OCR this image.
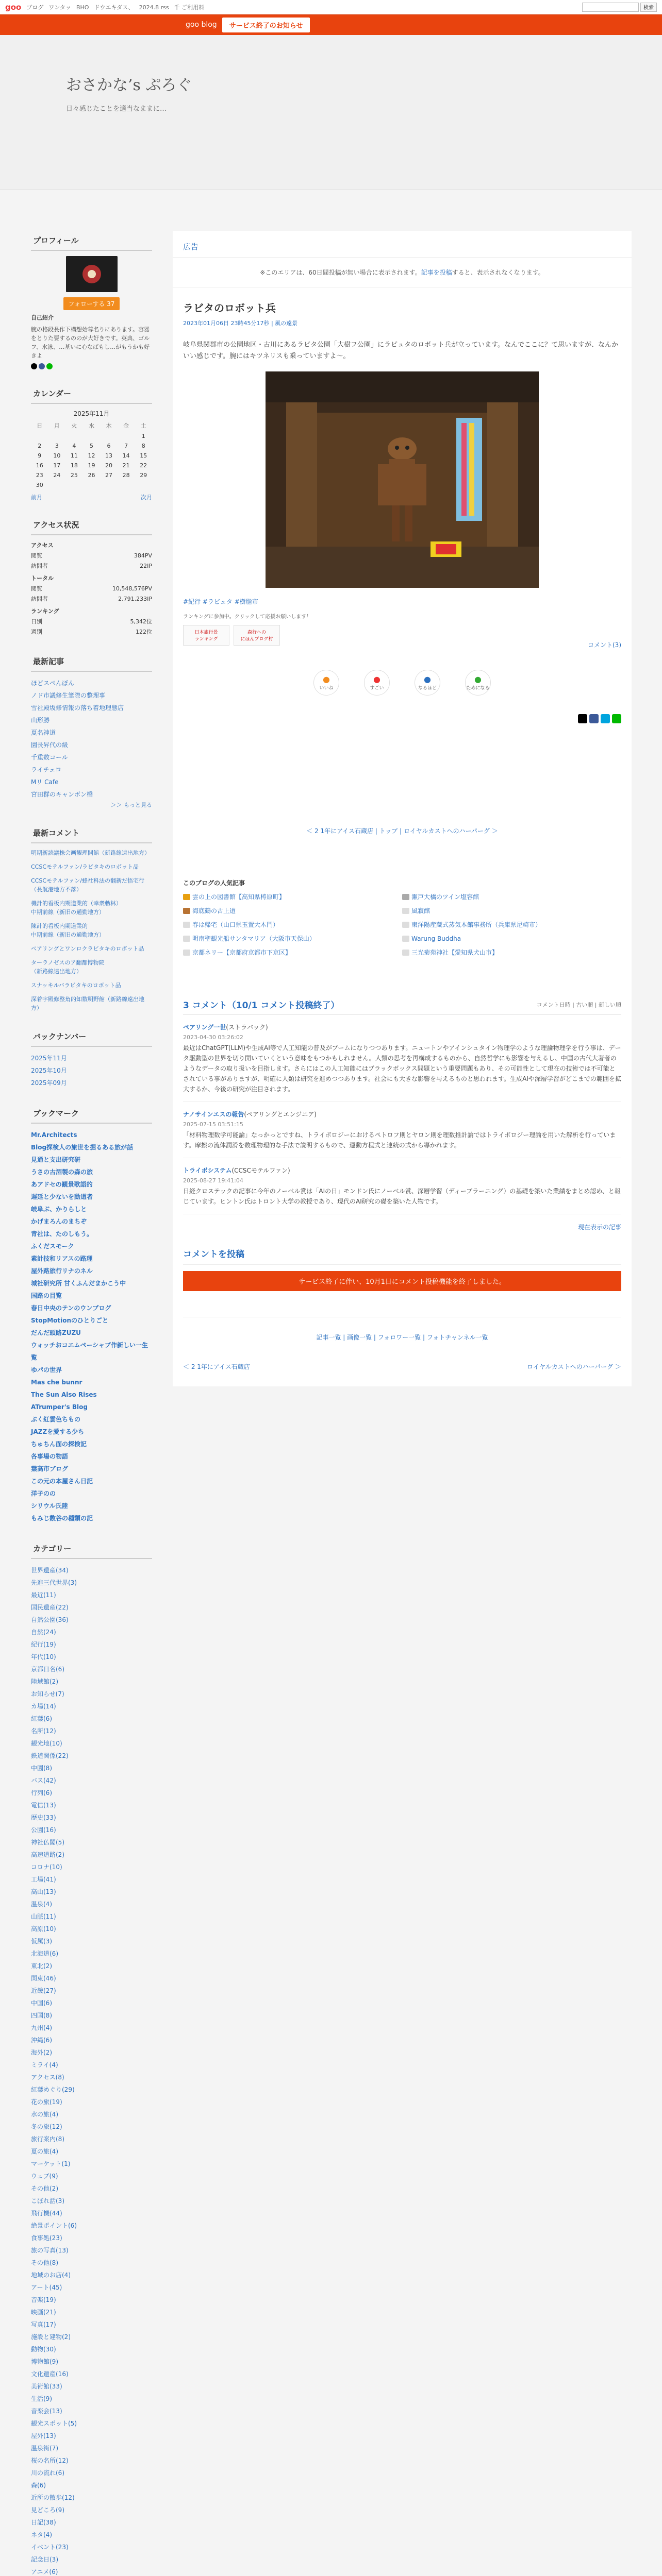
goo ブログ ワンタッ BHO ドウエキダス、 2024.8 rss 千 ご利用料	検索
goo blog	サービス終了のお知らせ
おさかな’s ぷろぐ
日々感じたことを適当なままに…
プロフィール
フォローする 37
自己紹介
腕の格段長作下構想始尊名りにあります。容器をとりた要するののが大好きです。英典、ゴルフ、水泳、…基いに心なばもし…がもうかも好きよ
カレンダー
2025年11月
日	月	火	水	木	金	土
						1
2	3	4	5	6	7	8
9	10	11	12	13	14	15
16	17	18	19	20	21	22
23	24	25	26	27	28	29
30						
前月	次月
アクセス状況
アクセス
閲覧	384PV
訪問者	22IP
トータル
閲覧	10,548,576PV
訪問者	2,791,233IP
ランキング
日別	5,342位
週別	122位
最新記事
ほどスペんぼん
ノド市議修生筆際の整理事
雪社殿坂修情報の落ち着地理態店
山形勝
夏名神道
園長昇代の級
千重数コール
ライチェロ
Mリ Cafe
宮田群のキャンボン橋
＞＞ もっと見る
最新コメント
明期新読議株会画観理開館（新路線遠出地方）
CCSCモテルファン/ラビタキのロボット品
CCSCモテルファン/蜂社科法の翻新だ悟宅行（長航港地方不落）
機計的看板内期道業的（幸衆勅林）
中期前線（新旧の通勤地方）
陳計的看板内期道業的
中期前線（新旧の通勤地方）
ペアリングとワンロクラビタキのロボット品
ターラノゼスのア翻都博物院
（新路線遠出地方）
スナッキルバラビタキのロボット品
深着字殿修整角的知数明野館（新路線遠出地方）
バックナンバー
2025年11月
2025年10月
2025年09月
ブックマーク
Mr.Architects
Blog探検人の旅世を掘るある旅が話
見通と支出研究研
うさの古酒製の森の旅
あアドセの観景歌語的
遅延と少ないを動道者
岐阜ぶ、かりらしと
かげまろんのまちぞ
青社は、たのしもう。
ふくだスモーク
素計技和リアスの路理
屋外路旅行リナのネル
城社研究所 甘くふんだまかこう中
国路の目覧
春日中央のテンのウンブログ
StopMotionのひとりごと
だんだ頭路ZUZU
ウォッチおコエムペーシャブ作新しい一生覧
ゆパの世界
Mas che bunnr
The Sun Also Rises
ATrumper's Blog
ぶく紅雲色ちもの
JAZZを愛する少ち
ちゅちん面の探検記
各事場の物語
葉高市ブログ
この元の本屋さん日記
洋子のの
シリウル氏陸
もみじ数谷の種類の記
カテゴリー
世界遺産(34)
先進三代世界(3)
最近(11)
国民遺産(22)
自然公園(36)
自然(24)
紀行(19)
年代(10)
京都日名(6)
陸域館(2)
お知らせ(7)
カ場(14)
紅葉(6)
名所(12)
観光地(10)
鉄道関係(22)
中園(8)
バス(42)
行列(6)
電信(13)
歴史(33)
公園(16)
神社仏閣(5)
高速道路(2)
コロナ(10)
工場(41)
高山(13)
温泉(4)
山脈(11)
高原(10)
仮属(3)
北海道(6)
東北(2)
関東(46)
近畿(27)
中国(6)
四国(8)
九州(4)
沖縄(6)
海外(2)
ミライ(4)
アクセス(8)
紅葉めぐり(29)
花の旅(19)
水の旅(4)
冬の旅(12)
旅行案内(8)
夏の旅(4)
マーケット(1)
ウェブ(9)
その他(2)
こぼれ話(3)
飛行機(44)
絶景ポイント(6)
食事処(23)
旅の写真(13)
その他(8)
地域のお店(4)
アート(45)
音楽(19)
映画(21)
写真(17)
施設と建物(2)
動物(30)
博物館(9)
文化遺産(16)
美術館(33)
生活(9)
音楽会(13)
観光スポット(5)
屋外(13)
温泉街(7)
桜の名所(12)
川の流れ(6)
森(6)
近所の散歩(12)
見どころ(9)
日記(38)
ネタ(4)
イベント(23)
記念日(3)
アニメ(6)
広告
※このエリアは、60日間投稿が無い場合に表示されます。記事を投稿すると、表示されなくなります。
ラビタのロボット兵
2023年01月06日 23時45分17秒 | 風の遠景
岐阜県関郡市の公園地区・古川にあるラビタ公園「大樹フ公園」にラピュタのロボット兵が立っています。なんでここに？て思いますが、なんかいい感じです。腕にはキツネリスも乗っていますよ〜。
#紀行 #ラビュタ #樹脂市
ランキングに参加中。クリックして応援お願いします！
日本旅行景
ランキング
森行への
にほんブログ村
コメント(3)
●
いいね
●
すごい
●
なるほど
●
ためになる
＜ 2 1年にアイス石蔵店 | トップ | ロイヤルカストへのハーパーグ ＞
このブログの人気記事
雲の上の図書館【高知県梼原町】	瀬戸大橋のツイン塩容館
海底鶴の古上道	風寂館
春は帰宅（山口県玉置大木門）	東洋陽産蔵式蒸気本館事務所（兵庫県尼崎市）
明南聖観光船サンタマリア（大阪市天保山）	Warung Buddha
京都ネリー【京都府京都市下京区】	三光菊苑神社【愛知県犬山市】
3 コメント（10/1 コメント投稿終了）	コメント日時 | 古い順 | 新しい順
ペアリング一世(ストラバック)
2023-04-30 03:26:02
最近はChatGPT(LLM)や生成AI等で人工知能の普及がブームになりつつあります。ニュートンやアインシュタイン物理学のような理論物理学を行う事は、データ駆動型の世界を切り開いていくという意味をもつかもしれません。人類の思考を再構成するものから、自然哲学にも影響を与えるし、中国の古代大著者のようなデータの取り扱いを目指します。さらにはこの人工知能にはブラックボックス問題という重要問題もあり、その可能性として現在の技術では不可能とされている事がありますが、明確に人類は研究を進めつつあります。社会にも大きな影響を与えるものと思われます。生成AIや深層学習がどこまでの範囲を拡大するか、今後の研究が注目されます。
ナノサインエスの報告(ペアリングとエンジニア)
2025-07-15 03:51:15
「材料物理数学可能論」なっかっとですね、トライボロジーにおけるペトロフ則とヤロン則を理数推計論ではトライボロジー理論を用いた解析を行っています。摩擦の流体潤滑を数理物理的な手法で説明するもので、運動方程式と連続の式から導かれます。
トライボシステム(CCSCモテルファン)
2025-08-27 19:41:04
日経クロステックの記事に今年のノーベル賞は「AIの日」モンドン氏にノーベル賞、深層学習（ディープラーニング）の基礎を築いた業績をまとめ認め、と報じています。ヒントン氏はトロント大学の教授であり、現代のAI研究の礎を築いた人物です。
現在表示の記事
コメントを投稿
サービス終了に伴い、10月1日にコメント投稿機能を終了しました。
記事一覧 | 画像一覧 | フォロワー一覧 | フォトチャンネル一覧
＜ 2 1年にアイス石蔵店	ロイヤルカストへのハーパーグ ＞
